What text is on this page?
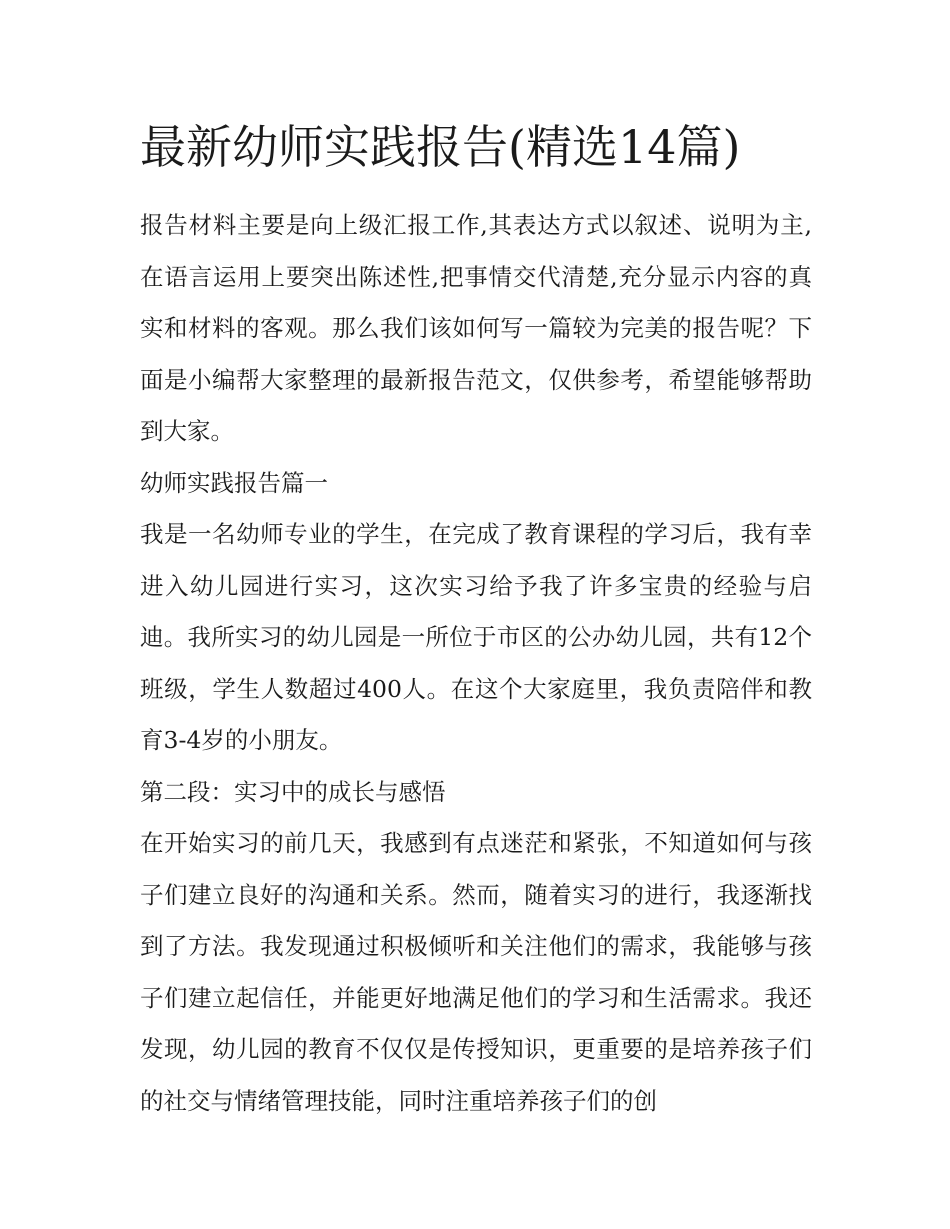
最新幼师实践报告(精选14篇)

报告材料主要是向上级汇报工作,其表达方式以叙述、说明为主,在语言运用上要突出陈述性,把事情交代清楚,充分显示内容的真实和材料的客观。那么我们该如何写一篇较为完美的报告呢？下面是小编帮大家整理的最新报告范文，仅供参考，希望能够帮助到大家。

幼师实践报告篇一

我是一名幼师专业的学生，在完成了教育课程的学习后，我有幸进入幼儿园进行实习，这次实习给予我了许多宝贵的经验与启迪。我所实习的幼儿园是一所位于市区的公办幼儿园，共有12个班级，学生人数超过400人。在这个大家庭里，我负责陪伴和教育3-4岁的小朋友。

第二段：实习中的成长与感悟

在开始实习的前几天，我感到有点迷茫和紧张，不知道如何与孩子们建立良好的沟通和关系。然而，随着实习的进行，我逐渐找到了方法。我发现通过积极倾听和关注他们的需求，我能够与孩子们建立起信任，并能更好地满足他们的学习和生活需求。我还发现，幼儿园的教育不仅仅是传授知识，更重要的是培养孩子们的社交与情绪管理技能，同时注重培养孩子们的创
